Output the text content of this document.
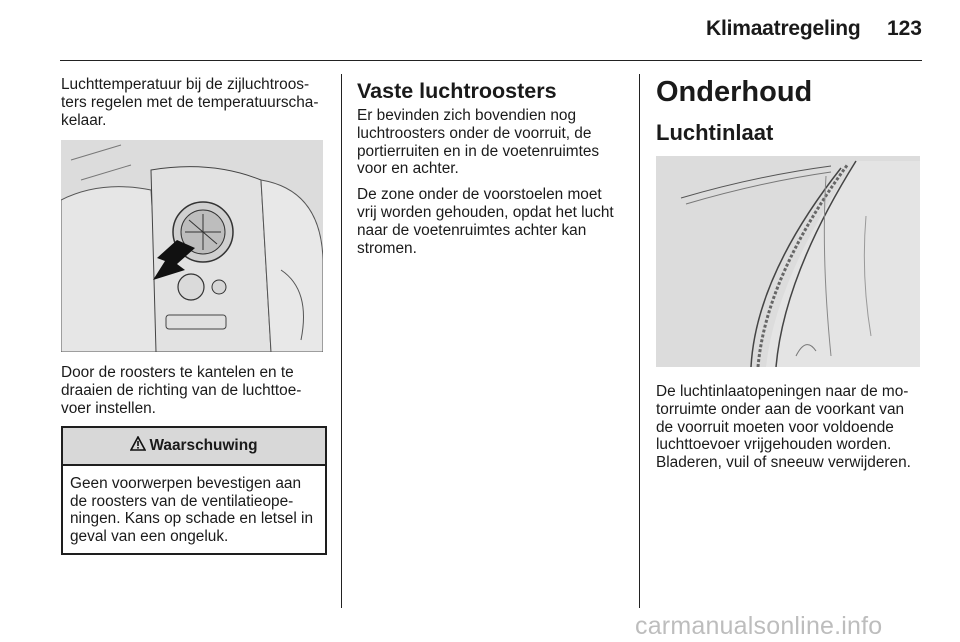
Klimaatregeling	123

Luchttemperatuur bij de zijluchtroos-ters regelen met de temperatuurscha-kelaar.

Door de roosters te kantelen en te draaien de richting van de luchttoe-voer instellen.

Waarschuwing

Geen voorwerpen bevestigen aan de roosters van de ventilatieope-ningen. Kans op schade en letsel in geval van een ongeluk.

Vaste luchtroosters

Er bevinden zich bovendien nog luchtroosters onder de voorruit, de portierruiten en in de voetenruimtes voor en achter.

De zone onder de voorstoelen moet vrij worden gehouden, opdat het lucht naar de voetenruimtes achter kan stromen.

Onderhoud
Luchtinlaat

De luchtinlaatopeningen naar de mo-torruimte onder aan de voorkant van de voorruit moeten voor voldoende luchttoevoer vrijgehouden worden. Bladeren, vuil of sneeuw verwijderen.

carmanualsonline.info
